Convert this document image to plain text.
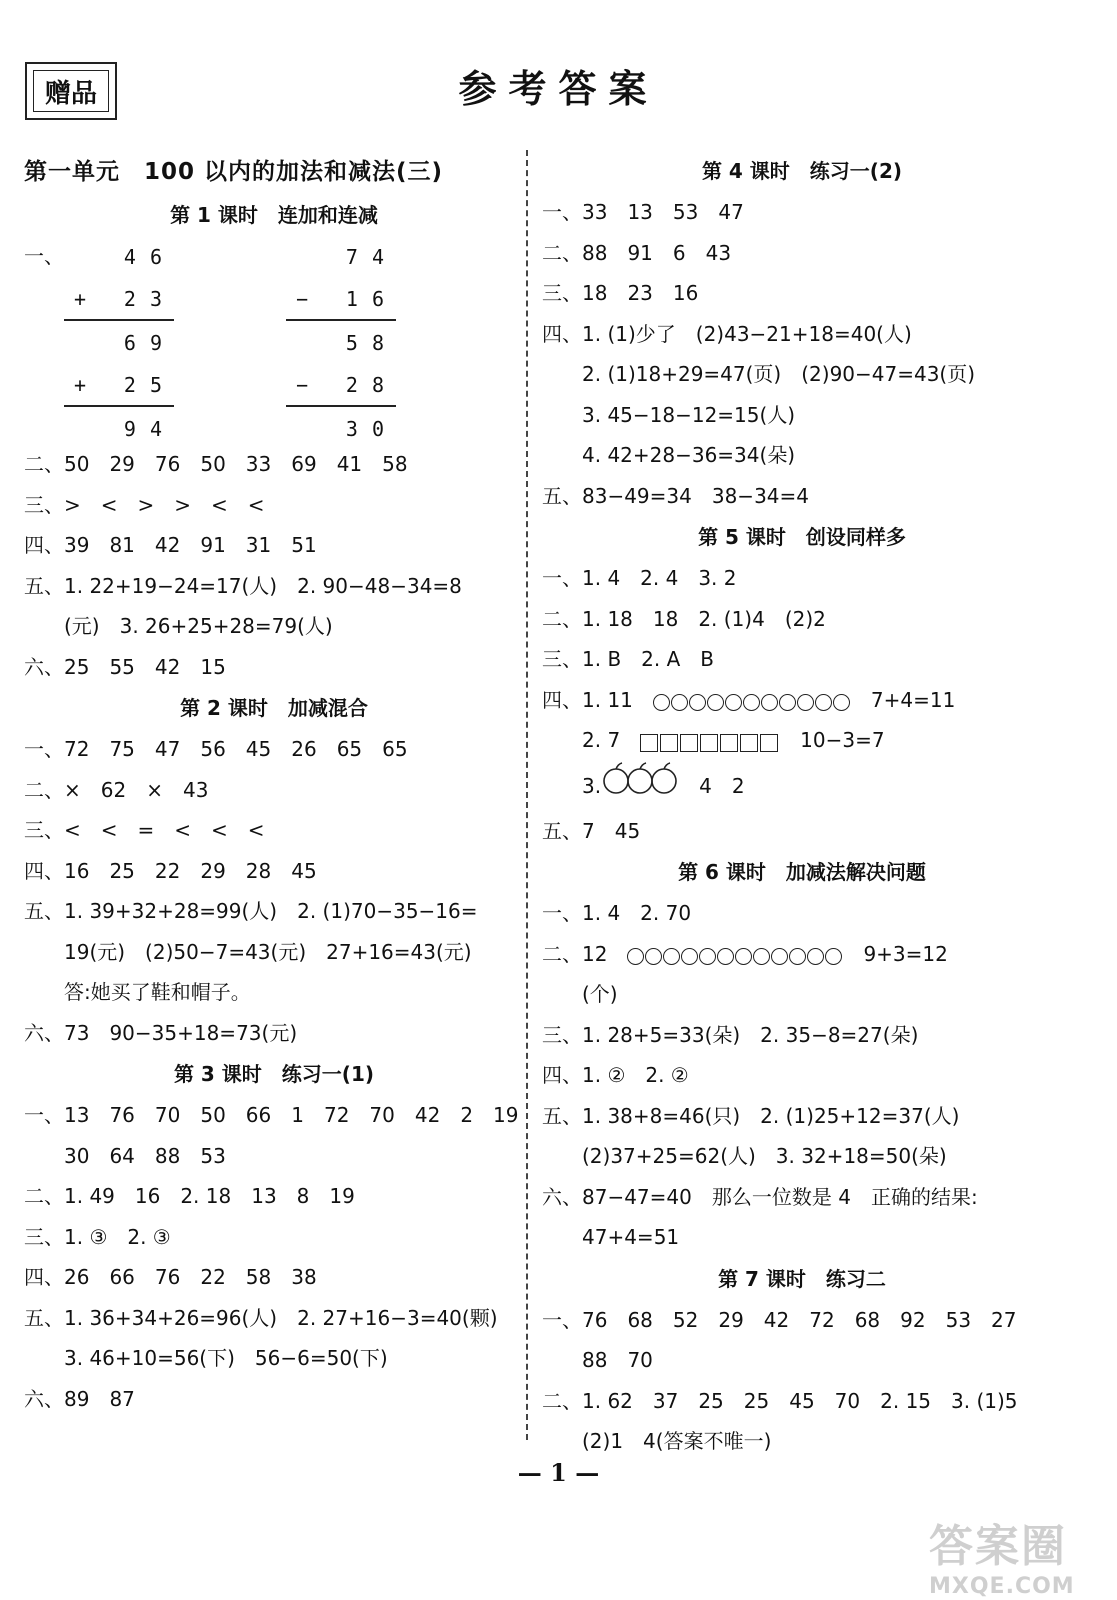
赠品	参考答案
第一单元　100 以内的加法和减法(三)
第 1 课时　连加和连减
一、	46
+ 23
69
+ 25
94
74
− 16
58
− 28
30
二、50　29　76　50　33　69　41　58
三、>　<　>　>　<　<
四、39　81　42　91　31　51
五、1. 22+19−24=17(人)　2. 90−48−34=8
(元)　3. 26+25+28=79(人)
六、25　55　42　15
第 2 课时　加减混合
一、72　75　47　56　45　26　65　65
二、×　62　×　43
三、<　<　=　<　<　<
四、16　25　22　29　28　45
五、1. 39+32+28=99(人)　2. (1)70−35−16=
19(元)　(2)50−7=43(元)　27+16=43(元)
答:她买了鞋和帽子。
六、73　90−35+18=73(元)
第 3 课时　练习一(1)
一、13　76　70　50　66　1　72　70　42　2　19
30　64　88　53
二、1. 49　16　2. 18　13　8　19
三、1. ③　2. ③
四、26　66　76　22　58　38
五、1. 36+34+26=96(人)　2. 27+16−3=40(颗)
3. 46+10=56(下)　56−6=50(下)
六、89　87
第 4 课时　练习一(2)
一、33　13　53　47
二、88　91　6　43
三、18　23　16
四、1. (1)少了　(2)43−21+18=40(人)
2. (1)18+29=47(页)　(2)90−47=43(页)
3. 45−18−12=15(人)
4. 42+28−36=34(朵)
五、83−49=34　38−34=4
第 5 课时　创设同样多
一、1. 4　2. 4　3. 2
二、1. 18　18　2. (1)4　(2)2
三、1. B　2. A　B
四、1. 11　　	7+4=11
2. 7　　	10−3=7
3.　	4　2
五、7　45
第 6 课时　加减法解决问题
一、1. 4　2. 70
二、12　　	9+3=12
(个)
三、1. 28+5=33(朵)　2. 35−8=27(朵)
四、1. ②　2. ②
五、1. 38+8=46(只)　2. (1)25+12=37(人)
(2)37+25=62(人)　3. 32+18=50(朵)
六、87−47=40　那么一位数是 4　正确的结果:
47+4=51
第 7 课时　练习二
一、76　68　52　29　42　72　68　92　53　27
88　70
二、1. 62　37　25　25　45　70　2. 15　3. (1)5
(2)1　4(答案不唯一)
— 1 —
答案圈
MXQE.COM
